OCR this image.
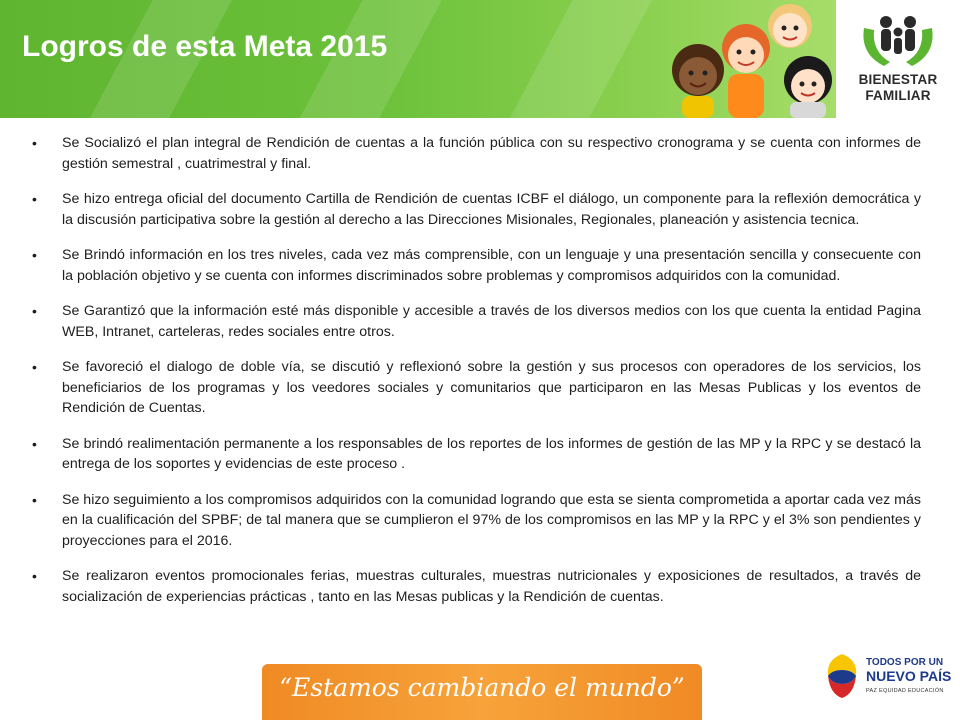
Logros de esta Meta 2015
BIENESTAR
FAMILIAR
• Se Socializó el plan integral de Rendición de cuentas a la función pública con su respectivo cronograma y se cuenta con informes de gestión semestral , cuatrimestral y final.
• Se hizo entrega oficial del documento Cartilla de Rendición de cuentas ICBF el diálogo, un componente para la reflexión democrática y la discusión participativa sobre la gestión al derecho a las Direcciones Misionales, Regionales, planeación y asistencia tecnica.
• Se Brindó información en los tres niveles, cada vez más comprensible, con un lenguaje y una presentación sencilla y consecuente con la población objetivo y se cuenta con informes discriminados sobre problemas y compromisos adquiridos con la comunidad.
• Se Garantizó que la información esté más disponible y accesible a través de los diversos medios con los que cuenta la entidad Pagina WEB, Intranet, carteleras, redes sociales entre otros.
• Se favoreció el dialogo de doble vía, se discutió y reflexionó sobre la gestión y sus procesos con operadores de los servicios, los beneficiarios de los programas y los veedores sociales y comunitarios que participaron en las Mesas Publicas y los eventos de Rendición de Cuentas.
• Se brindó realimentación permanente a los responsables de los reportes de los informes de gestión de las MP y la RPC y se destacó la entrega de los soportes y evidencias de este proceso .
• Se hizo seguimiento a los compromisos adquiridos con la comunidad logrando que esta se sienta comprometida a aportar cada vez más en la cualificación del SPBF; de tal manera que se cumplieron el 97% de los compromisos en las MP y la RPC y el 3% son pendientes y proyecciones para el 2016.
• Se realizaron eventos promocionales ferias, muestras culturales, muestras nutricionales y exposiciones de resultados, a través de socialización de experiencias prácticas , tanto en las Mesas publicas y la Rendición de cuentas.
“Estamos cambiando el mundo”
TODOS POR UN
NUEVO PAÍS
PAZ EQUIDAD EDUCACIÓN
